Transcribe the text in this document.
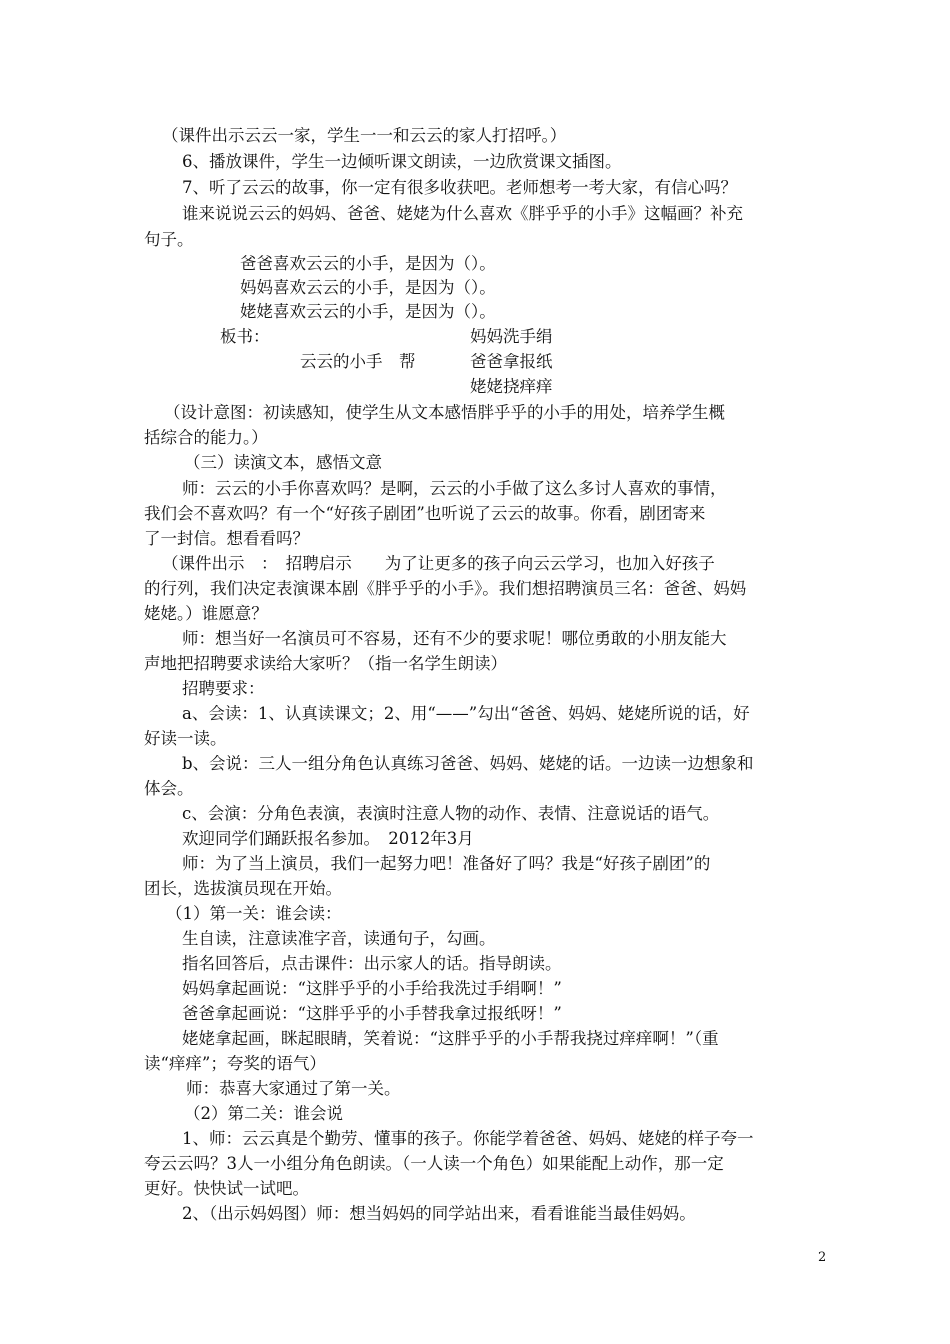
（课件出示云云一家，学生一一和云云的家人打招呼。）
6、播放课件，学生一边倾听课文朗读，一边欣赏课文插图。
7、听了云云的故事，你一定有很多收获吧。老师想考一考大家，有信心吗？
谁来说说云云的妈妈、爸爸、姥姥为什么喜欢《胖乎乎的小手》这幅画？补充
句子。
爸爸喜欢云云的小手，是因为（）。
妈妈喜欢云云的小手，是因为（）。
姥姥喜欢云云的小手，是因为（）。
板书：	妈妈洗手绢
云云的小手　帮	爸爸拿报纸
姥姥挠痒痒
（设计意图：初读感知，使学生从文本感悟胖乎乎的小手的用处，培养学生概
括综合的能力。）
（三）读演文本，感悟文意
师：云云的小手你喜欢吗？是啊，云云的小手做了这么多讨人喜欢的事情，
我们会不喜欢吗？有一个“好孩子剧团”也听说了云云的故事。你看，剧团寄来
了一封信。想看看吗？
（课件出示　：　招聘启示　　为了让更多的孩子向云云学习，也加入好孩子
的行列，我们决定表演课本剧《胖乎乎的小手》。我们想招聘演员三名：爸爸、妈妈
姥姥。）谁愿意？
师：想当好一名演员可不容易，还有不少的要求呢！哪位勇敢的小朋友能大
声地把招聘要求读给大家听？（指一名学生朗读）
招聘要求：
a、会读：1、认真读课文；2、用“——”勾出“爸爸、妈妈、姥姥所说的话，好
好读一读。
b、会说：三人一组分角色认真练习爸爸、妈妈、姥姥的话。一边读一边想象和
体会。
c、会演：分角色表演，表演时注意人物的动作、表情、注意说话的语气。
欢迎同学们踊跃报名参加。　2012年3月
师：为了当上演员，我们一起努力吧！准备好了吗？我是“好孩子剧团”的
团长，选拔演员现在开始。
（1）第一关：谁会读：
生自读，注意读准字音，读通句子，勾画。
指名回答后，点击课件：出示家人的话。指导朗读。
妈妈拿起画说：“这胖乎乎的小手给我洗过手绢啊！”
爸爸拿起画说：“这胖乎乎的小手替我拿过报纸呀！”
姥姥拿起画，眯起眼睛，笑着说：“这胖乎乎的小手帮我挠过痒痒啊！”（重
读“痒痒”；夸奖的语气）
师：恭喜大家通过了第一关。
（2）第二关：谁会说
1、师：云云真是个勤劳、懂事的孩子。你能学着爸爸、妈妈、姥姥的样子夸一
夸云云吗？3人一小组分角色朗读。（一人读一个角色）如果能配上动作，那一定
更好。快快试一试吧。
2、（出示妈妈图）师：想当妈妈的同学站出来，看看谁能当最佳妈妈。
2
